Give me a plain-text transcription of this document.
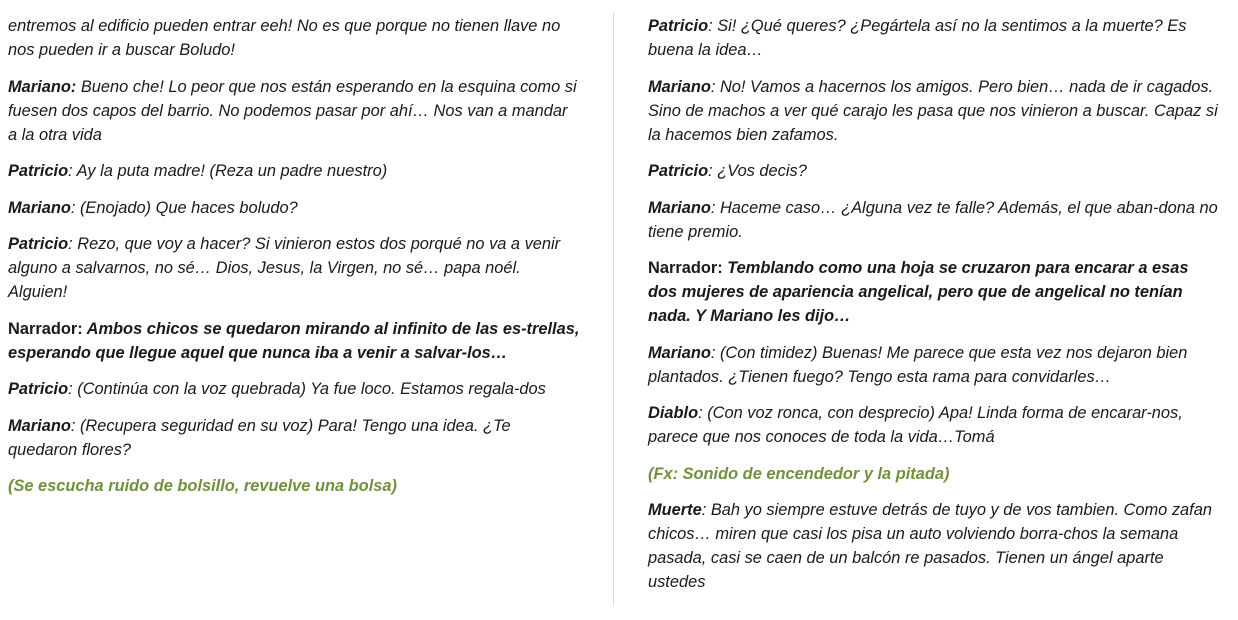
entremos al edificio pueden entrar eeh! No es que porque no tienen llave no nos pueden ir a buscar Boludo!

Mariano: Bueno che! Lo peor que nos están esperando en la esquina como si fuesen dos capos del barrio. No podemos pasar por ahí… Nos van a mandar a la otra vida

Patricio: Ay la puta madre! (Reza un padre nuestro)

Mariano: (Enojado) Que haces boludo?

Patricio: Rezo, que voy a hacer? Si vinieron estos dos porqué no va a venir alguno a salvarnos, no sé… Dios, Jesus, la Virgen, no sé… papa noél. Alguien!

Narrador: Ambos chicos se quedaron mirando al infinito de las es-trellas, esperando que llegue aquel que nunca iba a venir a salvar-los…

Patricio: (Continúa con la voz quebrada) Ya fue loco. Estamos regala-dos

Mariano: (Recupera seguridad en su voz) Para! Tengo una idea. ¿Te quedaron flores?

(Se escucha ruido de bolsillo, revuelve una bolsa)

Patricio: Si! ¿Qué queres? ¿Pegártela así no la sentimos a la muerte? Es buena la idea…

Mariano: No! Vamos a hacernos los amigos. Pero bien… nada de ir cagados. Sino de machos a ver qué carajo les pasa que nos vinieron a buscar. Capaz si la hacemos bien zafamos.

Patricio: ¿Vos decis?

Mariano: Haceme caso… ¿Alguna vez te falle? Además, el que aban-dona no tiene premio.

Narrador: Temblando como una hoja se cruzaron para encarar a esas dos mujeres de apariencia angelical, pero que de angelical no tenían nada. Y Mariano les dijo…

Mariano: (Con timidez) Buenas! Me parece que esta vez nos dejaron bien plantados. ¿Tienen fuego? Tengo esta rama para convidarles…

Diablo: (Con voz ronca, con desprecio) Apa! Linda forma de encarar-nos, parece que nos conoces de toda la vida…Tomá

(Fx: Sonido de encendedor y la pitada)

Muerte: Bah yo siempre estuve detrás de tuyo y de vos tambien. Como zafan chicos… miren que casi los pisa un auto volviendo borra-chos la semana pasada, casi se caen de un balcón re pasados. Tienen un ángel aparte ustedes
